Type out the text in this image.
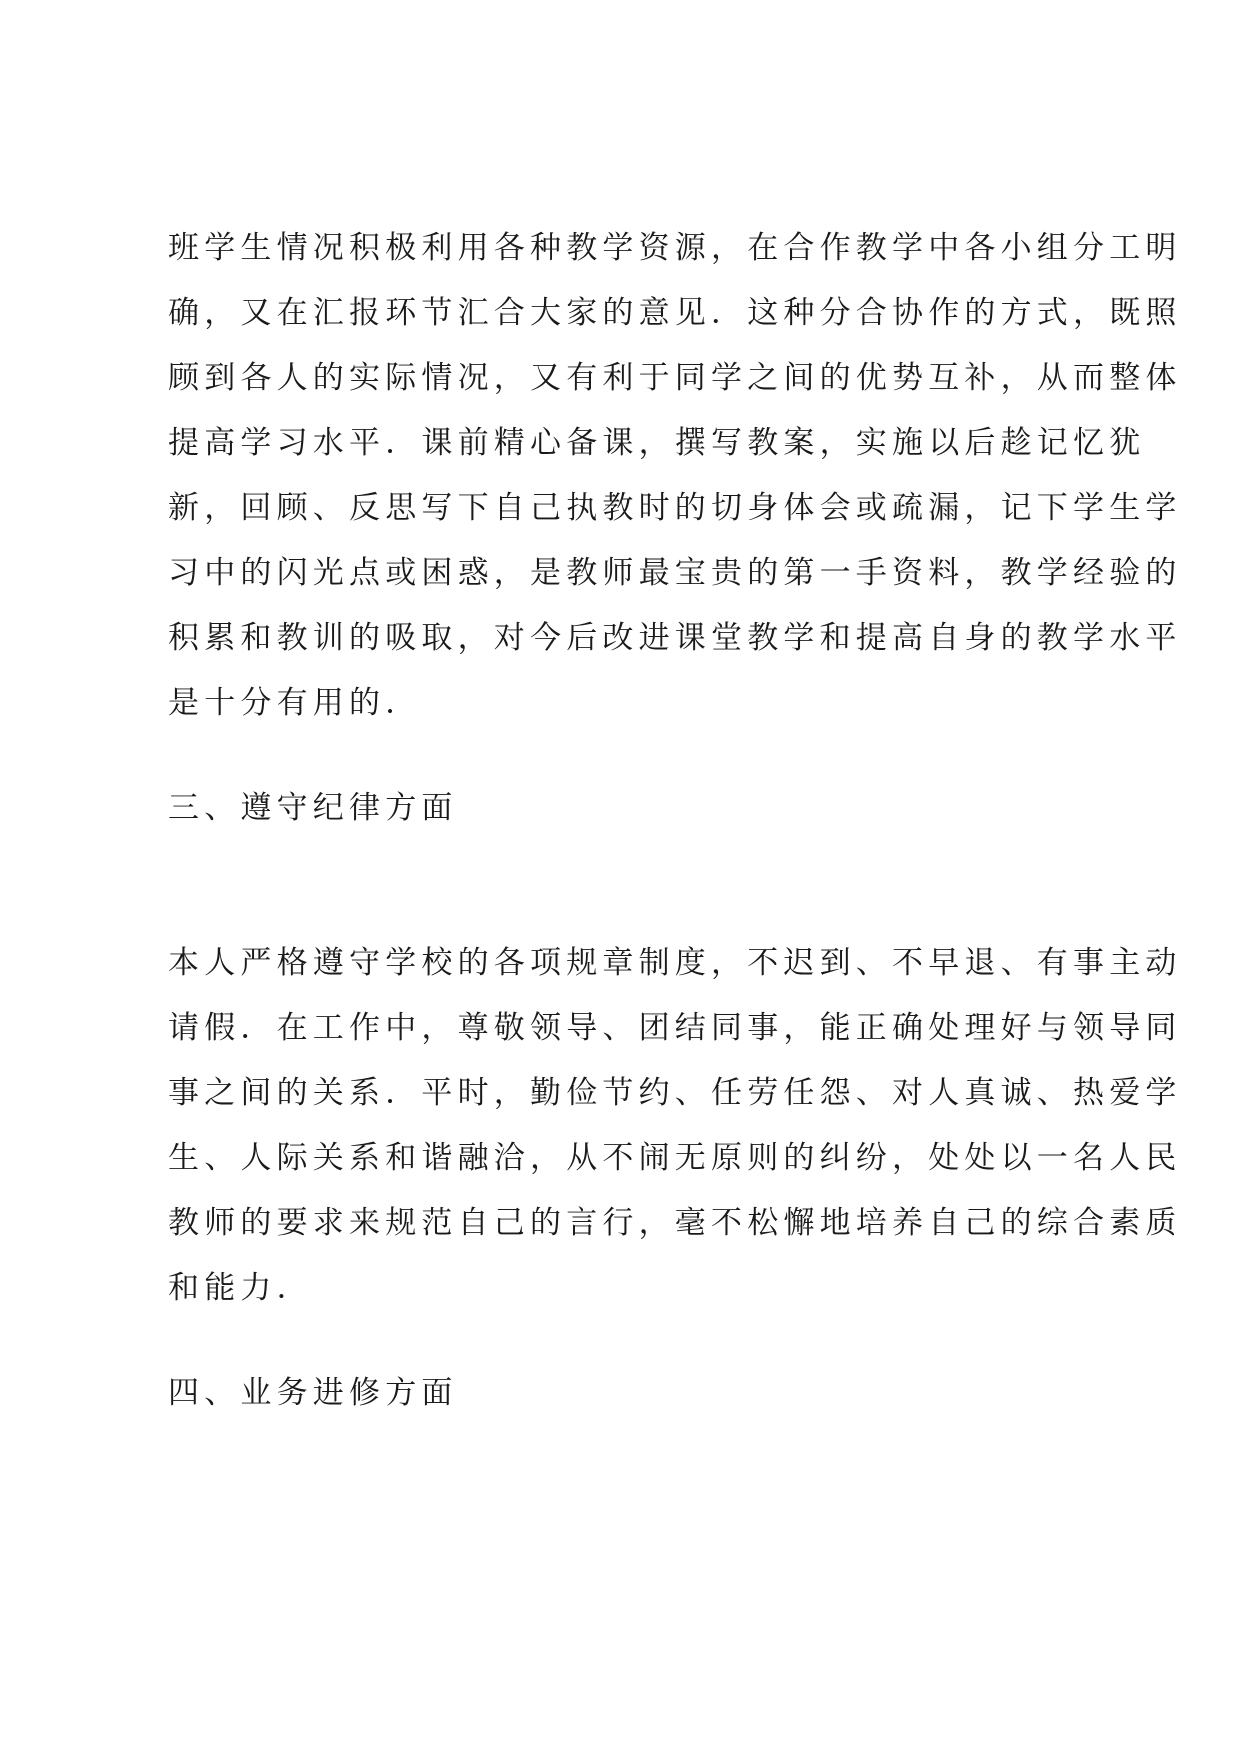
班学生情况积极利用各种教学资源，在合作教学中各小组分工明
确，又在汇报环节汇合大家的意见．这种分合协作的方式，既照
顾到各人的实际情况，又有利于同学之间的优势互补，从而整体
提高学习水平．课前精心备课，撰写教案，实施以后趁记忆犹
新，回顾、反思写下自己执教时的切身体会或疏漏，记下学生学
习中的闪光点或困惑，是教师最宝贵的第一手资料，教学经验的
积累和教训的吸取，对今后改进课堂教学和提高自身的教学水平
是十分有用的．
三、遵守纪律方面
本人严格遵守学校的各项规章制度，不迟到、不早退、有事主动
请假．在工作中，尊敬领导、团结同事，能正确处理好与领导同
事之间的关系．平时，勤俭节约、任劳任怨、对人真诚、热爱学
生、人际关系和谐融洽，从不闹无原则的纠纷，处处以一名人民
教师的要求来规范自己的言行，毫不松懈地培养自己的综合素质
和能力．
四、业务进修方面
